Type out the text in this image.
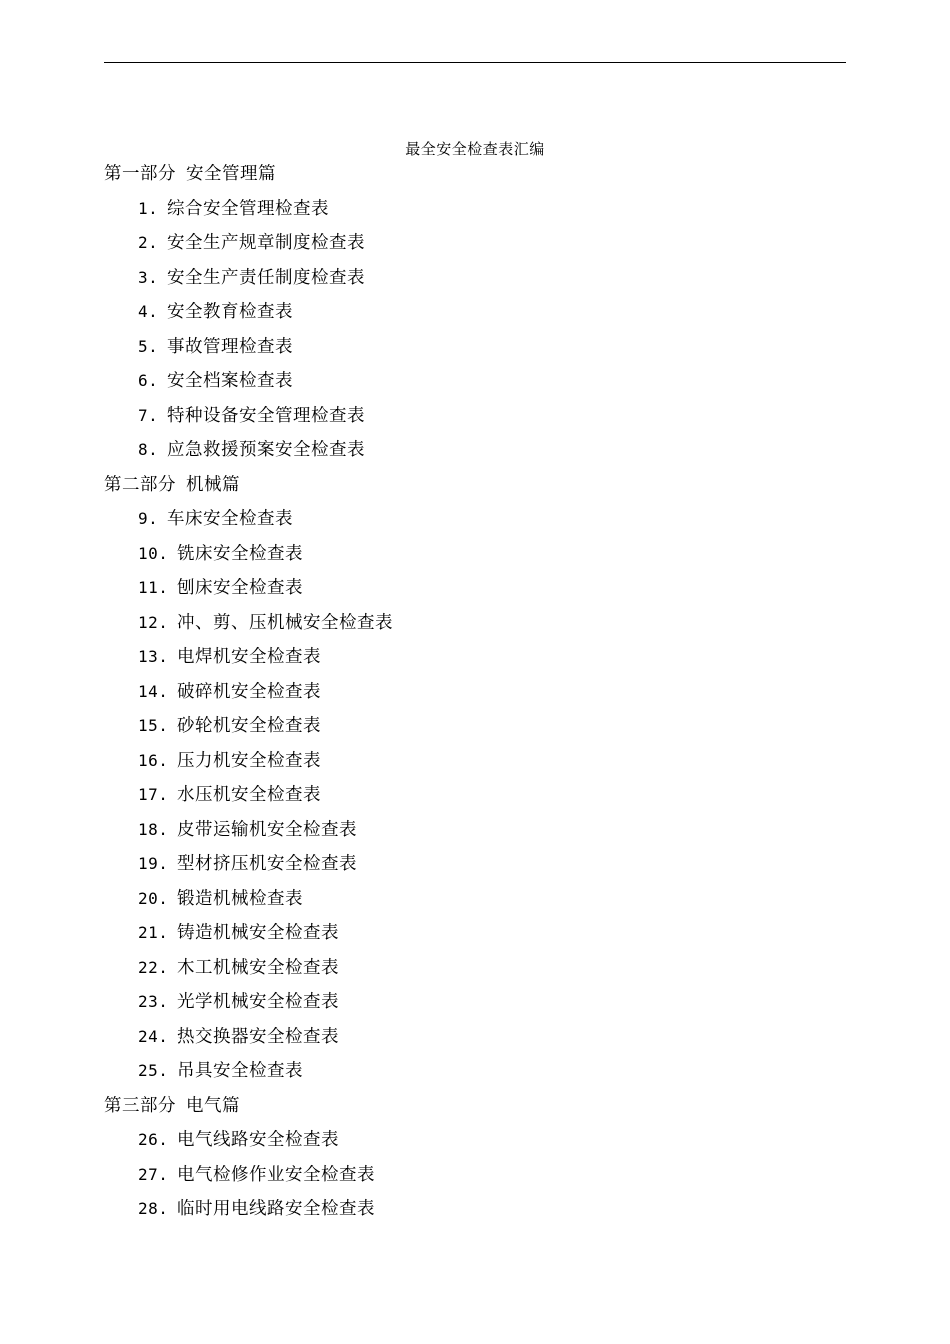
最全安全检查表汇编
第一部分 安全管理篇
1. 综合安全管理检查表
2. 安全生产规章制度检查表
3. 安全生产责任制度检查表
4. 安全教育检查表
5. 事故管理检查表
6. 安全档案检查表
7. 特种设备安全管理检查表
8. 应急救援预案安全检查表
第二部分 机械篇
9. 车床安全检查表
10. 铣床安全检查表
11. 刨床安全检查表
12. 冲、剪、压机械安全检查表
13. 电焊机安全检查表
14. 破碎机安全检查表
15. 砂轮机安全检查表
16. 压力机安全检查表
17. 水压机安全检查表
18. 皮带运输机安全检查表
19. 型材挤压机安全检查表
20. 锻造机械检查表
21. 铸造机械安全检查表
22. 木工机械安全检查表
23. 光学机械安全检查表
24. 热交换器安全检查表
25. 吊具安全检查表
第三部分 电气篇
26. 电气线路安全检查表
27. 电气检修作业安全检查表
28. 临时用电线路安全检查表
